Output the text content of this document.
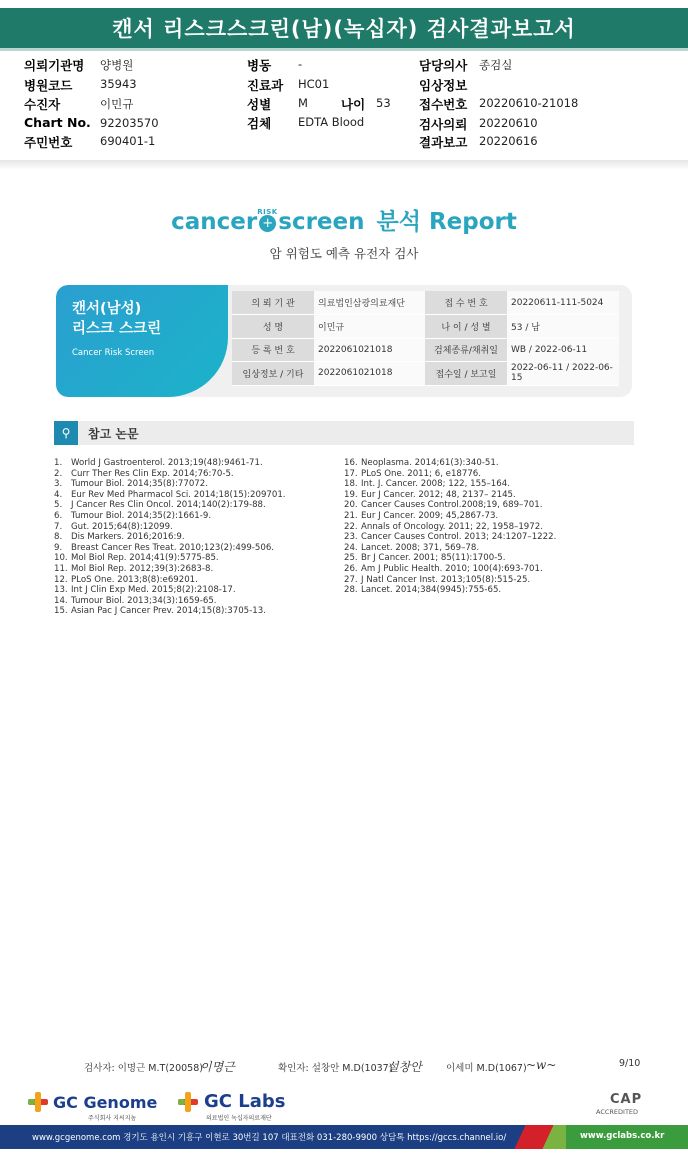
캔서 리스크스크린(남)(녹십자) 검사결과보고서
의뢰기관명 양병원
병원코드 35943
수진자	이민규
Chart No. 92203570
주민번호 690401-1
병동 -
진료과 HC01
성별 M	나이 53
검체 EDTA Blood
담당의사 종검실
임상정보
접수번호 20220610-21018
검사의뢰 20220610
결과보고 20220616
cancer RISK
+ screen 분석 Report
암 위험도 예측 유전자 검사
캔서(남성)
리스크 스크린
Cancer Risk Screen
의 뢰 기 관	의료법인삼광의료재단	접 수 번 호	20220611-111-5024
성 명	이민규	나 이 / 성 별	53 / 남
등 록 번 호	2022061021018	검체종류/채취일	WB / 2022-06-11
임상정보 / 기타	2022061021018	접수일 / 보고일	2022-06-11 / 2022-06-15
⚲	참고 논문
1. World J Gastroenterol. 2013;19(48):9461-71.
2. Curr Ther Res Clin Exp. 2014;76:70-5.
3. Tumour Biol. 2014;35(8):77072.
4. Eur Rev Med Pharmacol Sci. 2014;18(15):209701.
5. J Cancer Res Clin Oncol. 2014;140(2):179-88.
6. Tumour Biol. 2014;35(2):1661-9.
7. Gut. 2015;64(8):12099.
8. Dis Markers. 2016;2016:9.
9. Breast Cancer Res Treat. 2010;123(2):499-506.
10. Mol Biol Rep. 2014;41(9):5775-85.
11. Mol Biol Rep. 2012;39(3):2683-8.
12. PLoS One. 2013;8(8):e69201.
13. Int J Clin Exp Med. 2015;8(2):2108-17.
14. Tumour Biol. 2013;34(3):1659-65.
15. Asian Pac J Cancer Prev. 2014;15(8):3705-13.
16. Neoplasma. 2014;61(3):340-51.
17. PLoS One. 2011; 6, e18776.
18. Int. J. Cancer. 2008; 122, 155–164.
19. Eur J Cancer. 2012; 48, 2137– 2145.
20. Cancer Causes Control.2008;19, 689–701.
21. Eur J Cancer. 2009; 45,2867-73.
22. Annals of Oncology. 2011; 22, 1958–1972.
23. Cancer Causes Control. 2013; 24:1207–1222.
24. Lancet. 2008; 371, 569–78.
25. Br J Cancer. 2001; 85(11):1700-5.
26. Am J Public Health. 2010; 100(4):693-701.
27. J Natl Cancer Inst. 2013;105(8):515-25.
28. Lancet. 2014;384(9945):755-65.
검사자: 이명근 M.T(20058)
이명근	확인자: 설창안 M.D(1037)
설창안	이세미 M.D(1067) ~w~	9/10
GC Genome
주식회사 지씨지놈
GC Labs
의료법인 녹십자의료재단
CAP
ACCREDITED
www.gcgenome.com 경기도 용인시 기흥구 이현로 30번길 107 대표전화 031-280-9900 상담톡 https://gccs.channel.io/	www.gclabs.co.kr
